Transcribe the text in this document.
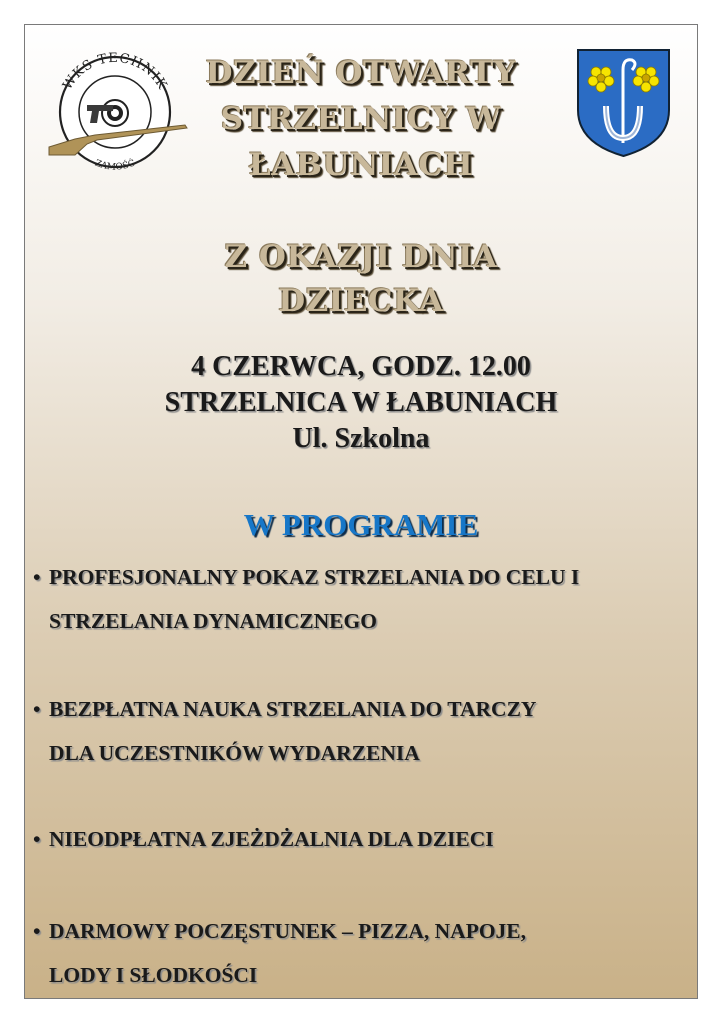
WKS TECHNIK
ZAMOŚĆ
DZIEŃ OTWARTY
STRZELNICY W
ŁABUNIACH
Z OKAZJI DNIA
DZIECKA
4 CZERWCA, GODZ. 12.00
STRZELNICA W ŁABUNIACH
Ul. Szkolna
W PROGRAMIE
• PROFESJONALNY POKAZ STRZELANIA DO CELU I
STRZELANIA DYNAMICZNEGO
• BEZPŁATNA NAUKA STRZELANIA DO TARCZY
DLA UCZESTNIKÓW WYDARZENIA
• NIEODPŁATNA ZJEŻDŻALNIA DLA DZIECI
• DARMOWY POCZĘSTUNEK – PIZZA, NAPOJE,
LODY I SŁODKOŚCI
